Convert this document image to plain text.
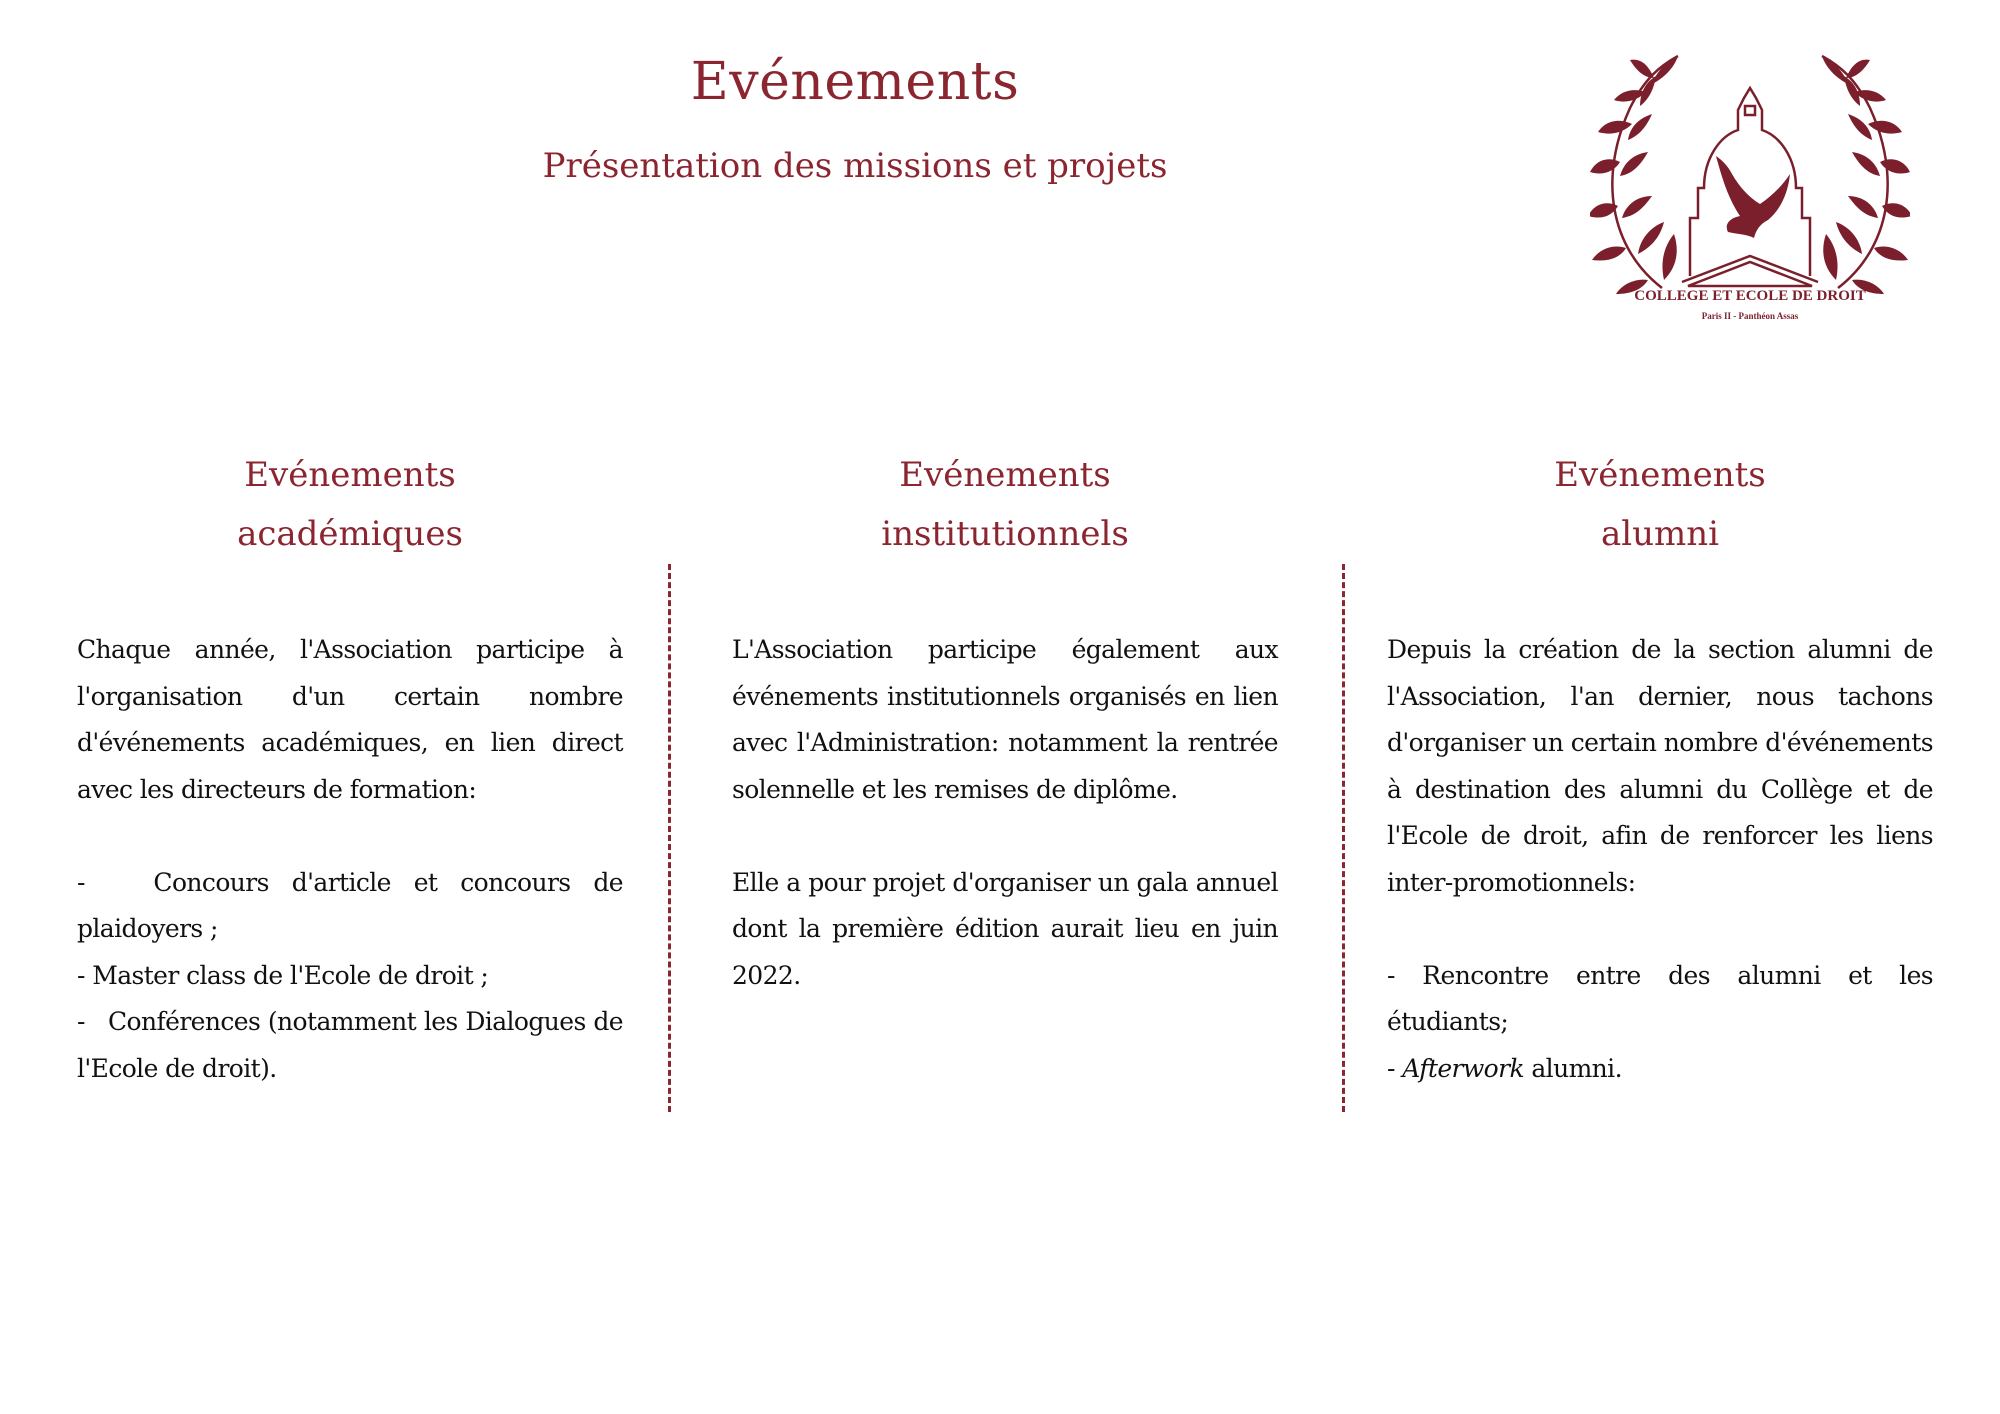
Evénements
Présentation des missions et projets
COLLEGE ET ECOLE DE DROIT
Paris II - Panthéon Assas
Evénements
académiques

Chaque année, l'Association participe à l'organisation d'un certain nombre d'événements académiques, en lien direct avec les directeurs de formation:

-   Concours d'article et concours de plaidoyers ;

- Master class de l'Ecole de droit ;

-   Conférences (notamment les Dialogues de l'Ecole de droit).

Evénements
institutionnels

L'Association participe également aux événements institutionnels organisés en lien avec l'Administration: notamment la rentrée solennelle et les remises de diplôme.

Elle a pour projet d'organiser un gala annuel dont la première édition aurait lieu en juin 2022.

Evénements
alumni

Depuis la création de la section alumni de l'Association, l'an dernier, nous tachons d'organiser un certain nombre d'événements à destination des alumni du Collège et de l'Ecole de droit, afin de renforcer les liens inter-promotionnels:

- Rencontre entre des alumni et les étudiants;

- Afterwork alumni.
